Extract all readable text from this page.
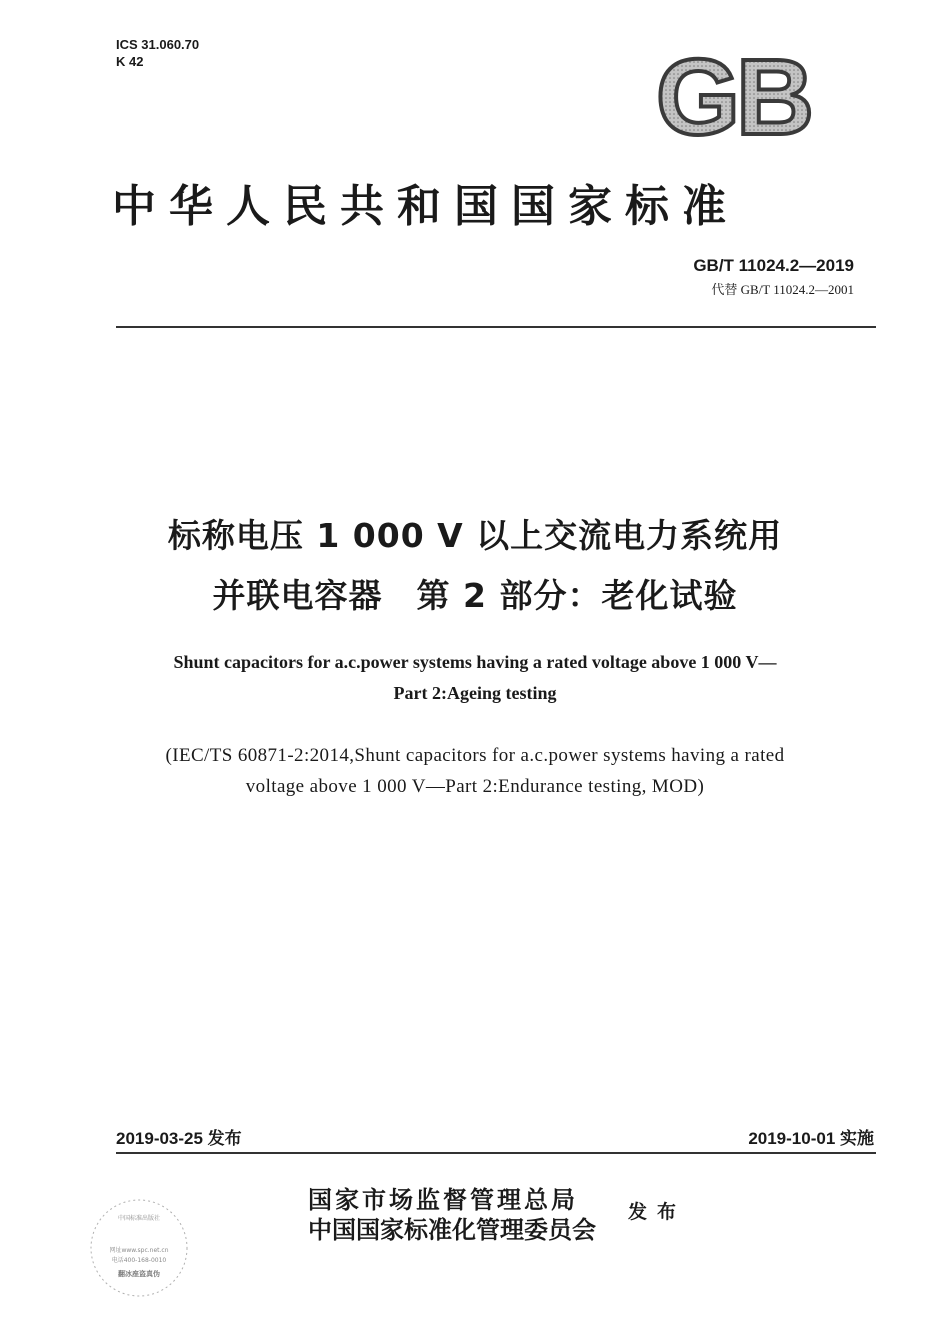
ICS 31.060.70
K 42	GB
中华人民共和国国家标准
GB/T 11024.2—2019
代替 GB/T 11024.2—2001
标称电压 1 000 V 以上交流电力系统用
并联电容器　第 2 部分：老化试验
Shunt capacitors for a.c.power systems having a rated voltage above 1 000 V—
Part 2:Ageing testing
(IEC/TS 60871-2:2014,Shunt capacitors for a.c.power systems having a rated
voltage above 1 000 V—Part 2:Endurance testing, MOD)
2019-03-25 发布	2019-10-01 实施
中国标准出版社
网址www.spc.net.cn
电话400-168-0010
翻冰座盗真伪
国家市场监督管理总局
中国国家标准化管理委员会
发布
